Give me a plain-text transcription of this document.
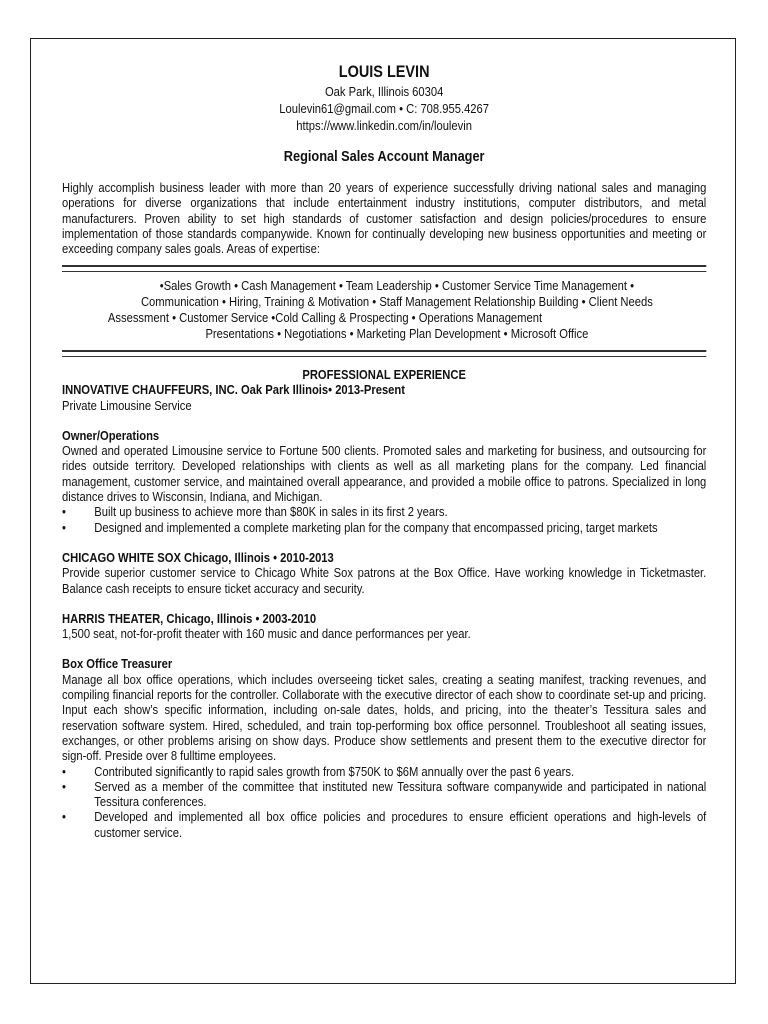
LOUIS LEVIN
Oak Park, Illinois 60304
Loulevin61@gmail.com • C: 708.955.4267
https://www.linkedin.com/in/loulevin
Regional Sales Account Manager
Highly accomplish business leader with more than 20 years of experience successfully driving national sales and managing operations for diverse organizations that include entertainment industry institutions, computer distributors, and metal manufacturers. Proven ability to set high standards of customer satisfaction and design policies/procedures to ensure implementation of those standards companywide. Known for continually developing new business opportunities and meeting or exceeding company sales goals. Areas of expertise:
•Sales Growth • Cash Management • Team Leadership • Customer Service Time Management •
Communication • Hiring, Training & Motivation • Staff Management Relationship Building • Client Needs
Assessment • Customer Service •Cold Calling & Prospecting • Operations Management
Presentations • Negotiations • Marketing Plan Development • Microsoft Office
PROFESSIONAL EXPERIENCE
INNOVATIVE CHAUFFEURS, INC. Oak Park Illinois• 2013-Present
Private Limousine Service
Owner/Operations
Owned and operated Limousine service to Fortune 500 clients. Promoted sales and marketing for business, and outsourcing for rides outside territory. Developed relationships with clients as well as all marketing plans for the company. Led financial management, customer service, and maintained overall appearance, and provided a mobile office to patrons. Specialized in long distance drives to Wisconsin, Indiana, and Michigan.
• Built up business to achieve more than $80K in sales in its first 2 years.
• Designed and implemented a complete marketing plan for the company that encompassed pricing, target markets
CHICAGO WHITE SOX Chicago, Illinois • 2010-2013
Provide superior customer service to Chicago White Sox patrons at the Box Office. Have working knowledge in Ticketmaster. Balance cash receipts to ensure ticket accuracy and security.
HARRIS THEATER, Chicago, Illinois • 2003-2010
1,500 seat, not-for-profit theater with 160 music and dance performances per year.
Box Office Treasurer
Manage all box office operations, which includes overseeing ticket sales, creating a seating manifest, tracking revenues, and compiling financial reports for the controller. Collaborate with the executive director of each show to coordinate set-up and pricing. Input each show’s specific information, including on-sale dates, holds, and pricing, into the theater’s Tessitura sales and reservation software system. Hired, scheduled, and train top-performing box office personnel. Troubleshoot all seating issues, exchanges, or other problems arising on show days. Produce show settlements and present them to the executive director for sign-off. Preside over 8 fulltime employees.
• Contributed significantly to rapid sales growth from $750K to $6M annually over the past 6 years.
• Served as a member of the committee that instituted new Tessitura software companywide and participated in national Tessitura conferences.
• Developed and implemented all box office policies and procedures to ensure efficient operations and high-levels of customer service.
